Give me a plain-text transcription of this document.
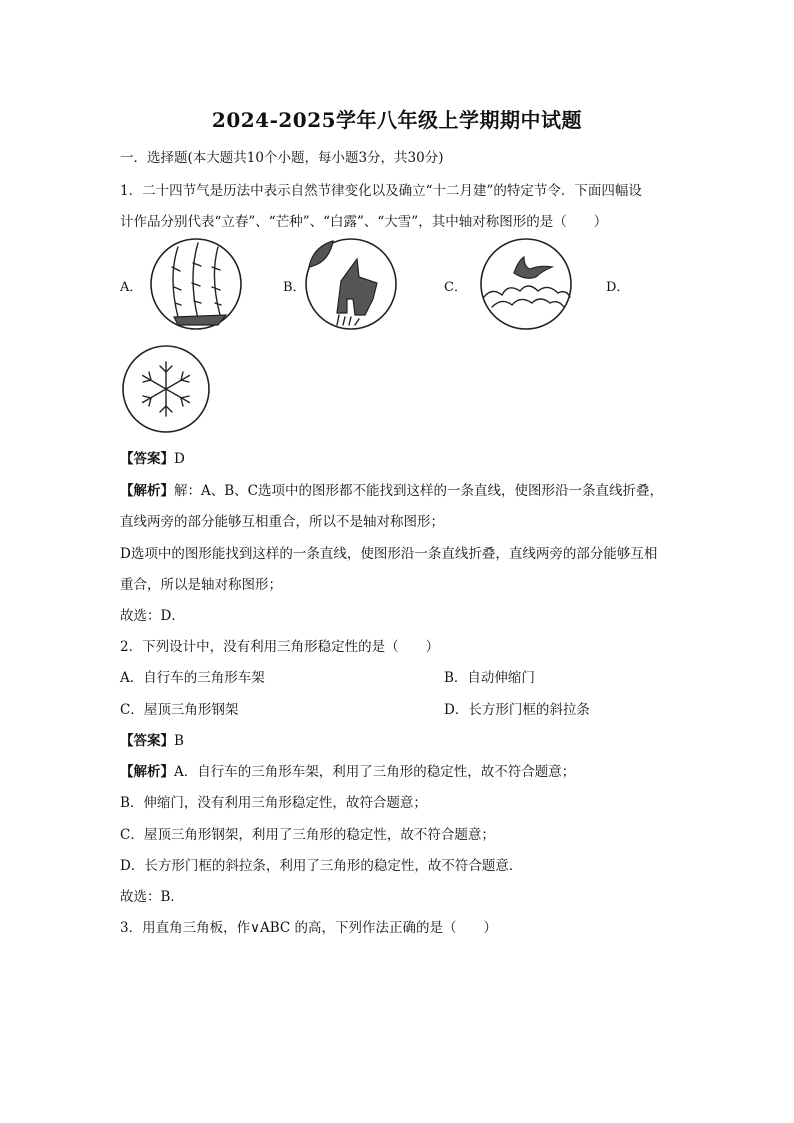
2024-2025学年八年级上学期期中试题
一．选择题(本大题共10个小题，每小题3分，共30分)
1．二十四节气是历法中表示自然节律变化以及确立“十二月建”的特定节令．下面四幅设
计作品分别代表“立春”、“芒种”、“白露”、“大雪”，其中轴对称图形的是（　　）
A．	B．	C．	D．
【答案】D
【解析】解：A、B、C选项中的图形都不能找到这样的一条直线，使图形沿一条直线折叠，
直线两旁的部分能够互相重合，所以不是轴对称图形；
D选项中的图形能找到这样的一条直线，使图形沿一条直线折叠，直线两旁的部分能够互相
重合，所以是轴对称图形；
故选：D．
2．下列设计中，没有利用三角形稳定性的是（　　）
A．自行车的三角形车架	B．自动伸缩门
C．屋顶三角形钢架	D．长方形门框的斜拉条
【答案】B
【解析】A．自行车的三角形车架，利用了三角形的稳定性，故不符合题意；
B．伸缩门，没有利用三角形稳定性，故符合题意；
C．屋顶三角形钢架，利用了三角形的稳定性，故不符合题意；
D．长方形门框的斜拉条，利用了三角形的稳定性，故不符合题意．
故选：B．
3．用直角三角板，作∨ABC 的高，下列作法正确的是（　　）
